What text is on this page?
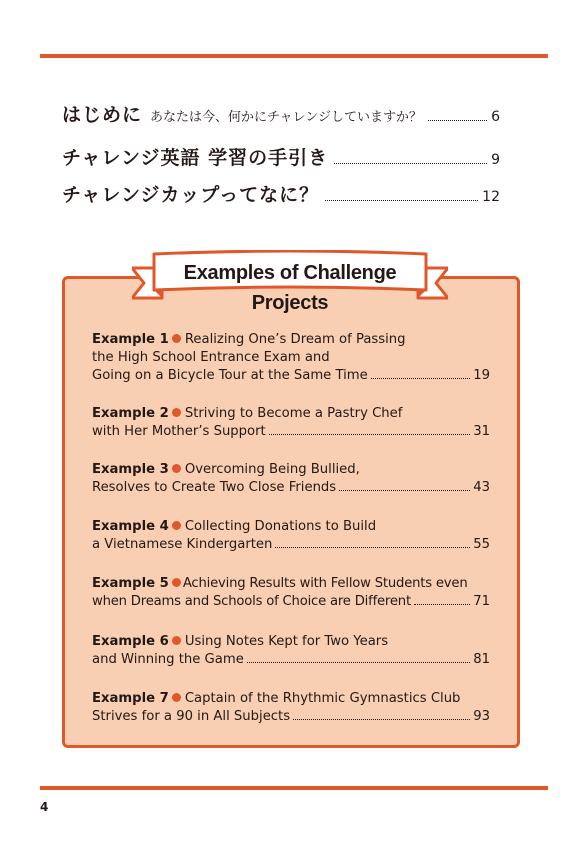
はじめに あなたは今、何かにチャレンジしていますか？	6
チャレンジ英語 学習の手引き	9
チャレンジカップってなに？	12
Examples of Challenge Projects
Example 1 Realizing One’s Dream of Passing
the High School Entrance Exam and
Going on a Bicycle Tour at the Same Time	19
Example 2 Striving to Become a Pastry Chef
with Her Mother’s Support	31
Example 3 Overcoming Being Bullied,
Resolves to Create Two Close Friends	43
Example 4 Collecting Donations to Build
a Vietnamese Kindergarten	55
Example 5 Achieving Results with Fellow Students even
when Dreams and Schools of Choice are Different	71
Example 6 Using Notes Kept for Two Years
and Winning the Game	81
Example 7 Captain of the Rhythmic Gymnastics Club
Strives for a 90 in All Subjects	93
4
